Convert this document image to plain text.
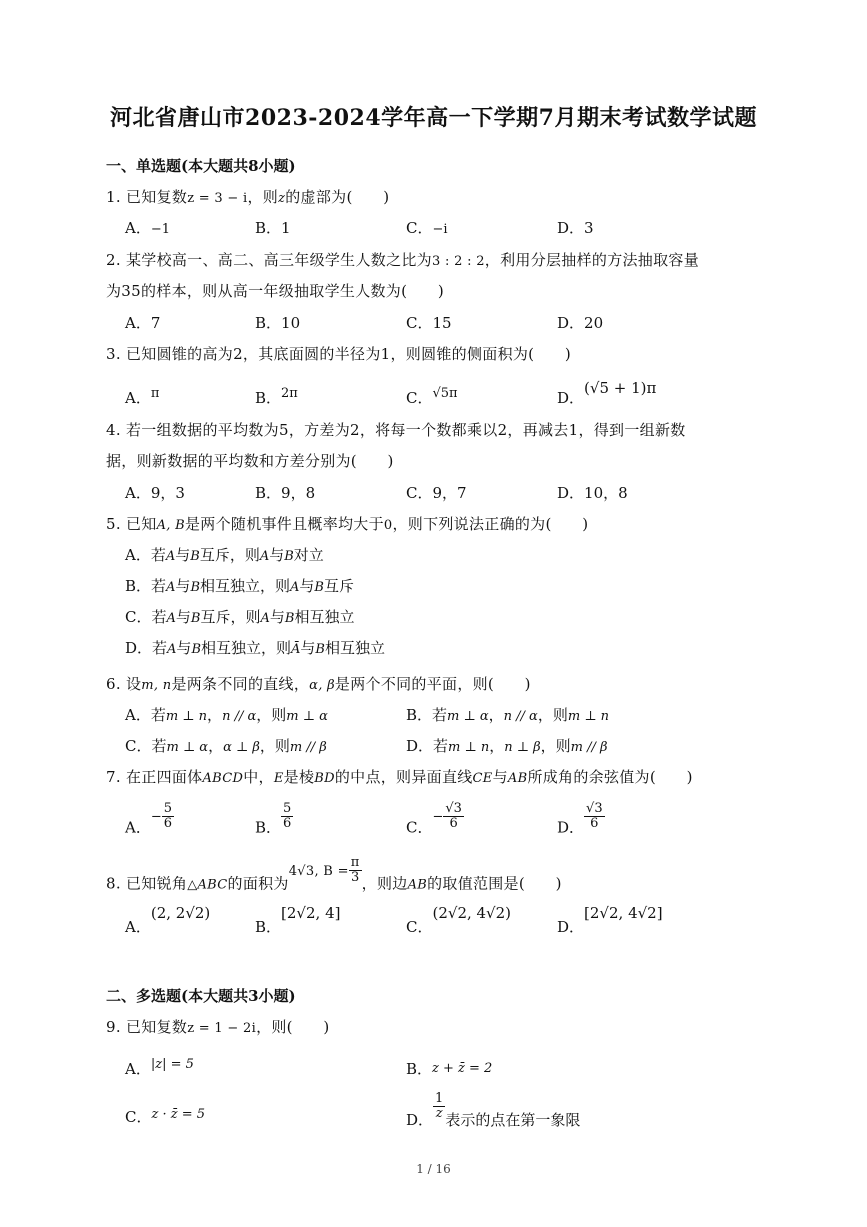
河北省唐山市2023-2024学年高一下学期7月期末考试数学试题
一、单选题(本大题共8小题)
1. 已知复数z = 3 − i，则z的虚部为(　　)
A．−1	B．1	C．−i	D．3
2. 某学校高一、高二、高三年级学生人数之比为3 : 2 : 2，利用分层抽样的方法抽取容量
为35的样本，则从高一年级抽取学生人数为(　　)
A．7	B．10	C．15	D．20
3. 已知圆锥的高为2，其底面圆的半径为1，则圆锥的侧面积为(　　)
A．π	B．2π	C．√5π	D．(√5 + 1)π
4. 若一组数据的平均数为5，方差为2，将每一个数都乘以2，再减去1，得到一组新数
据，则新数据的平均数和方差分别为(　　)
A．9，3	B．9，8	C．9，7	D．10，8
5. 已知A, B是两个随机事件且概率均大于0，则下列说法正确的为(　　)
A．若A与B互斥，则A与B对立
B．若A与B相互独立，则A与B互斥
C．若A与B互斥，则A与B相互独立
D．若A与B相互独立，则Ā与B相互独立
6. 设m, n是两条不同的直线，α, β是两个不同的平面，则(　　)
A．若m ⊥ n，n // α，则m ⊥ α	B．若m ⊥ α，n // α，则m ⊥ n
C．若m ⊥ α，α ⊥ β，则m // β	D．若m ⊥ n，n ⊥ β，则m // β
7. 在正四面体ABCD中，E是棱BD的中点，则异面直线CE与AB所成角的余弦值为(　　)
A．− $\frac{5}{6}$	B． $\frac{5}{6}$	C．− $\frac{√3}{6}$	D． $\frac{√3}{6}$
8. 已知锐角△ABC的面积为4√3, $B = \frac{\pi}{3}$ ，则边AB的取值范围是(　　)
A．(2, 2√2)
B．[2√2, 4]
C．(2√2, 4√2)
D．[2√2, 4√2]
二、多选题(本大题共3小题)
9. 已知复数z = 1 − 2i，则(　　)
A．|z| = 5	B．z + z̄ = 2
C．z · z̄ = 5	D． $\frac{1}{z}$ 表示的点在第一象限
1 / 16
